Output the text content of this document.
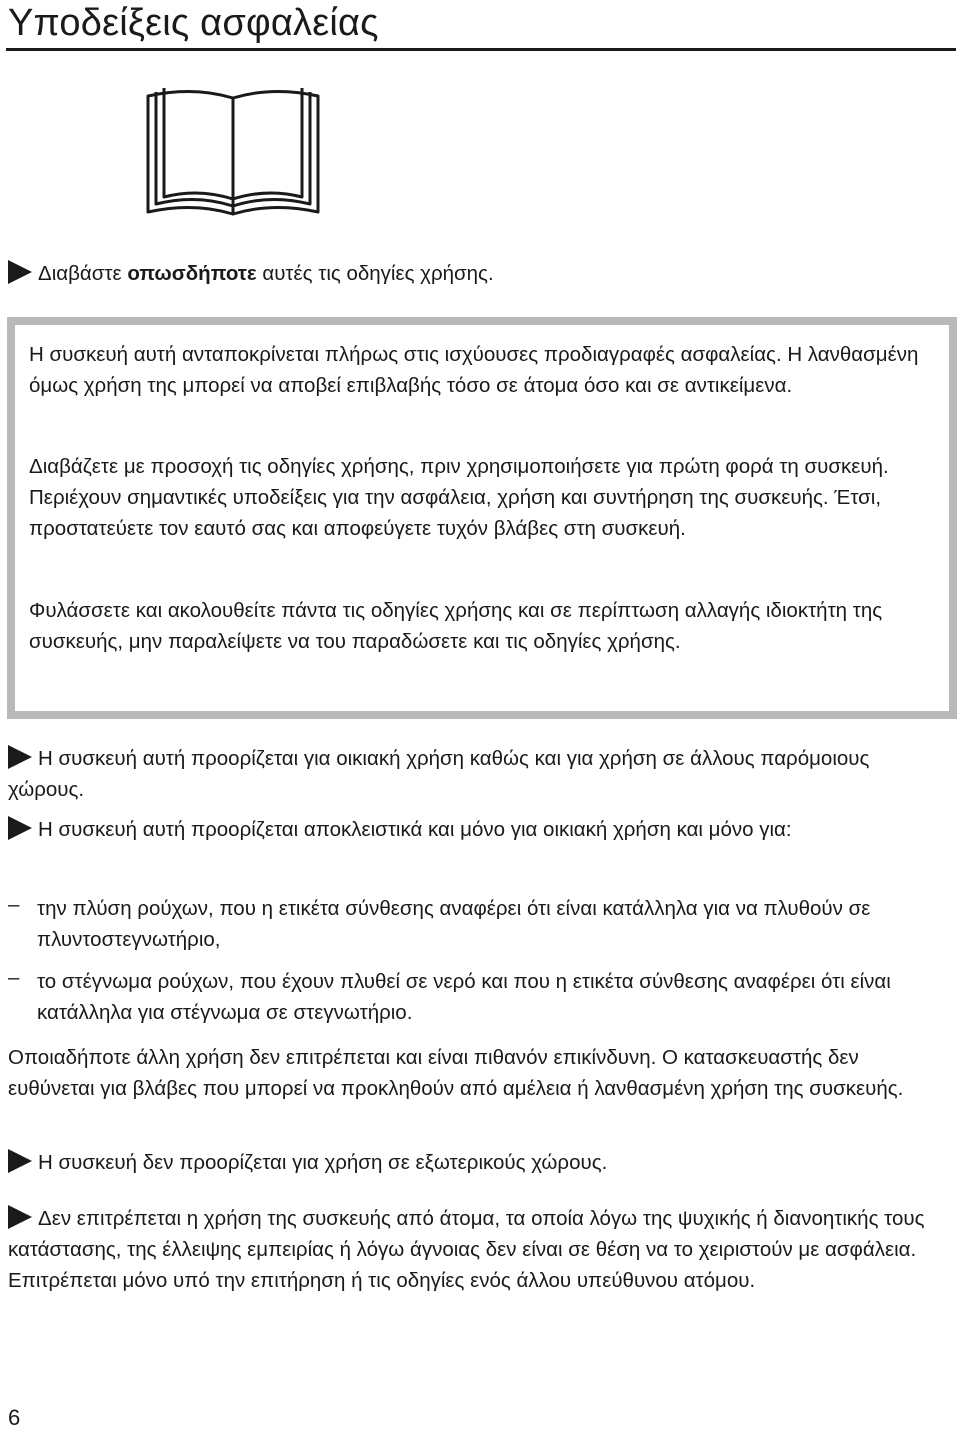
Υποδείξεις ασφαλείας

Διαβάστε οπωσδήποτε αυτές τις οδηγίες χρήσης.

Η συσκευή αυτή ανταποκρίνεται πλήρως στις ισχύουσες προδιαγραφές ασφαλείας. Η λανθασμένη όμως χρήση της μπορεί να αποβεί επιβλαβής τόσο σε άτομα όσο και σε αντικείμενα.

Διαβάζετε με προσοχή τις οδηγίες χρήσης, πριν χρησιμοποιήσετε για πρώτη φορά τη συσκευή. Περιέχουν σημαντικές υποδείξεις για την ασφάλεια, χρήση και συντήρηση της συσκευής. Έτσι, προστατεύετε τον εαυτό σας και αποφεύγετε τυχόν βλάβες στη συσκευή.

Φυλάσσετε και ακολουθείτε πάντα τις οδηγίες χρήσης και σε περίπτωση αλλαγής ιδιοκτήτη της συσκευής, μην παραλείψετε να του παραδώσετε και τις οδηγίες χρήσης.

Η συσκευή αυτή προορίζεται για οικιακή χρήση καθώς και για χρήση σε άλλους παρόμοιους χώρους.

Η συσκευή αυτή προορίζεται αποκλειστικά και μόνο για οικιακή χρήση και μόνο για:

– την πλύση ρούχων, που η ετικέτα σύνθεσης αναφέρει ότι είναι κατάλληλα για να πλυθούν σε πλυντοστεγνωτήριο,

– το στέγνωμα ρούχων, που έχουν πλυθεί σε νερό και που η ετικέτα σύνθεσης αναφέρει ότι είναι κατάλληλα για στέγνωμα σε στεγνωτήριο.

Οποιαδήποτε άλλη χρήση δεν επιτρέπεται και είναι πιθανόν επικίνδυνη. Ο κατασκευαστής δεν ευθύνεται για βλάβες που μπορεί να προκληθούν από αμέλεια ή λανθασμένη χρήση της συσκευής.

Η συσκευή δεν προορίζεται για χρήση σε εξωτερικούς χώρους.

Δεν επιτρέπεται η χρήση της συσκευής από άτομα, τα οποία λόγω της ψυχικής ή διανοητικής τους κατάστασης, της έλλειψης εμπειρίας ή λόγω άγνοιας δεν είναι σε θέση να το χειριστούν με ασφάλεια. Επιτρέπεται μόνο υπό την επιτήρηση ή τις οδηγίες ενός άλλου υπεύθυνου ατόμου.

6
